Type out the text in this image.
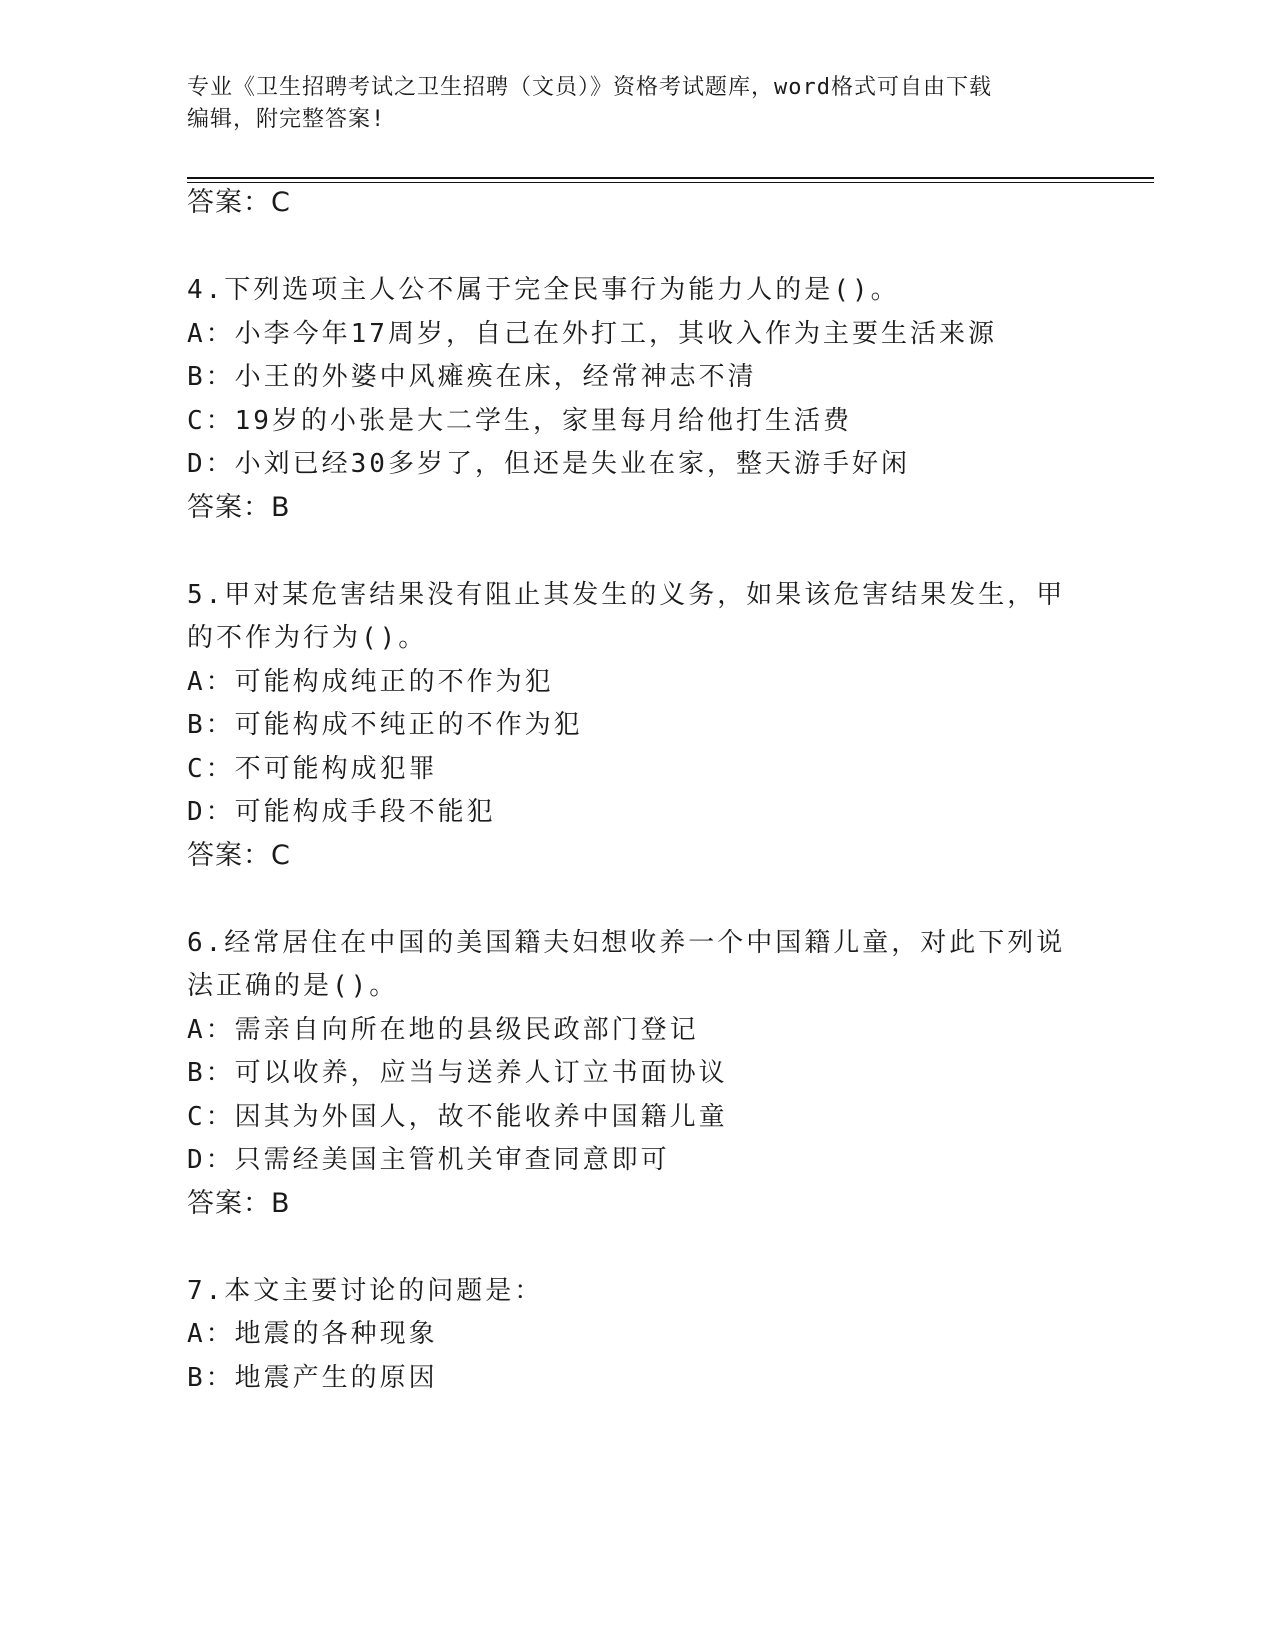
专业《卫生招聘考试之卫生招聘（文员）》资格考试题库，word格式可自由下载
编辑，附完整答案!
答案：C
4.下列选项主人公不属于完全民事行为能力人的是()。
A：小李今年17周岁，自己在外打工，其收入作为主要生活来源
B：小王的外婆中风瘫痪在床，经常神志不清
C：19岁的小张是大二学生，家里每月给他打生活费
D：小刘已经30多岁了，但还是失业在家，整天游手好闲
答案：B
5.甲对某危害结果没有阻止其发生的义务，如果该危害结果发生，甲
的不作为行为()。
A：可能构成纯正的不作为犯
B：可能构成不纯正的不作为犯
C：不可能构成犯罪
D：可能构成手段不能犯
答案：C
6.经常居住在中国的美国籍夫妇想收养一个中国籍儿童，对此下列说
法正确的是()。
A：需亲自向所在地的县级民政部门登记
B：可以收养，应当与送养人订立书面协议
C：因其为外国人，故不能收养中国籍儿童
D：只需经美国主管机关审查同意即可
答案：B
7.本文主要讨论的问题是：
A：地震的各种现象
B：地震产生的原因
